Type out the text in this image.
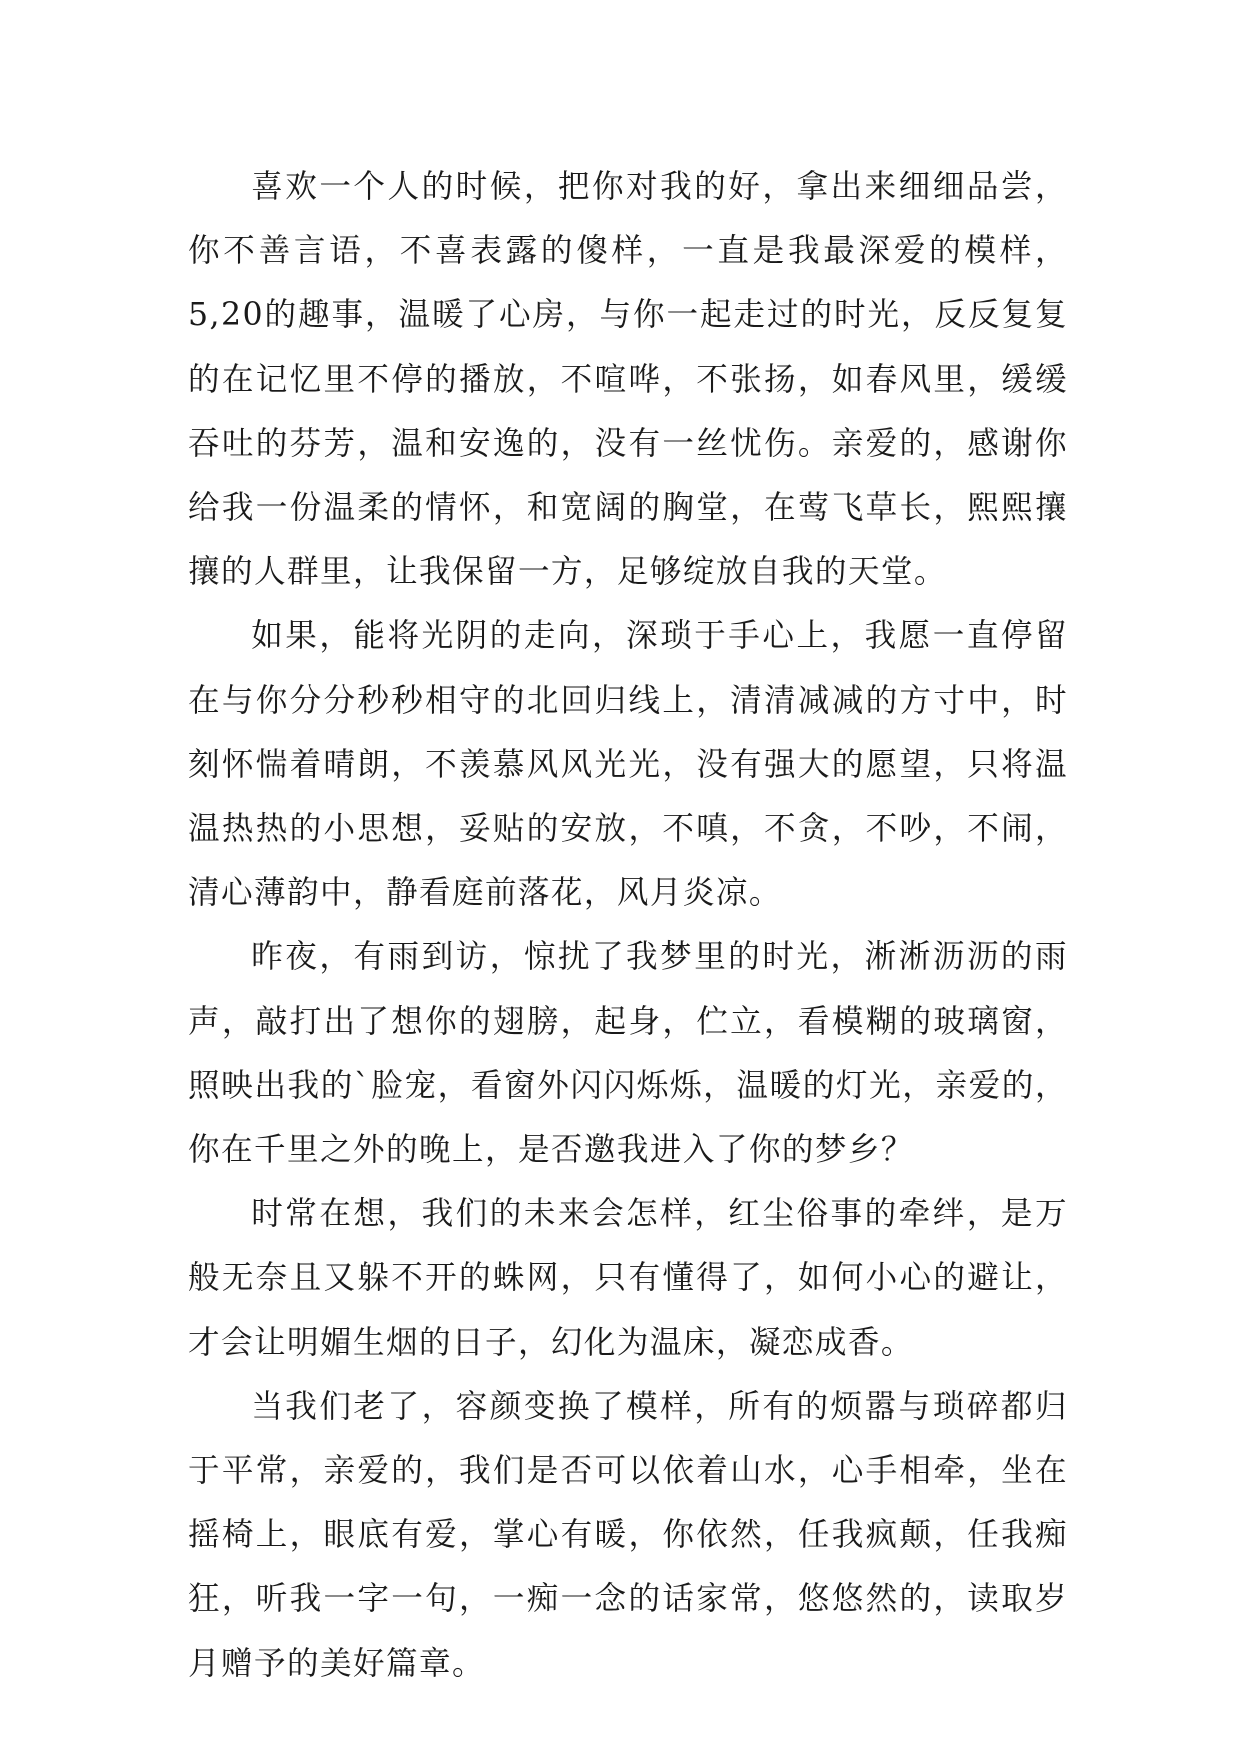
喜欢一个人的时候，把你对我的好，拿出来细细品尝，你不善言语，不喜表露的傻样，一直是我最深爱的模样，5,20的趣事，温暖了心房，与你一起走过的时光，反反复复的在记忆里不停的播放，不喧哗，不张扬，如春风里，缓缓吞吐的芬芳，温和安逸的，没有一丝忧伤。亲爱的，感谢你给我一份温柔的情怀，和宽阔的胸堂，在莺飞草长，熙熙攘攘的人群里，让我保留一方，足够绽放自我的天堂。

如果，能将光阴的走向，深琐于手心上，我愿一直停留在与你分分秒秒相守的北回归线上，清清减减的方寸中，时刻怀惴着晴朗，不羡慕风风光光，没有强大的愿望，只将温温热热的小思想，妥贴的安放，不嗔，不贪，不吵，不闹，清心薄韵中，静看庭前落花，风月炎凉。

昨夜，有雨到访，惊扰了我梦里的时光，淅淅沥沥的雨声，敲打出了想你的翅膀，起身，伫立，看模糊的玻璃窗，照映出我的`脸宠，看窗外闪闪烁烁，温暖的灯光，亲爱的，你在千里之外的晚上，是否邀我进入了你的梦乡？

时常在想，我们的未来会怎样，红尘俗事的牵绊，是万般无奈且又躲不开的蛛网，只有懂得了，如何小心的避让，才会让明媚生烟的日子，幻化为温床，凝恋成香。

当我们老了，容颜变换了模样，所有的烦嚣与琐碎都归于平常，亲爱的，我们是否可以依着山水，心手相牵，坐在摇椅上，眼底有爱，掌心有暖，你依然，任我疯颠，任我痴狂，听我一字一句，一痴一念的话家常，悠悠然的，读取岁月赠予的美好篇章。
